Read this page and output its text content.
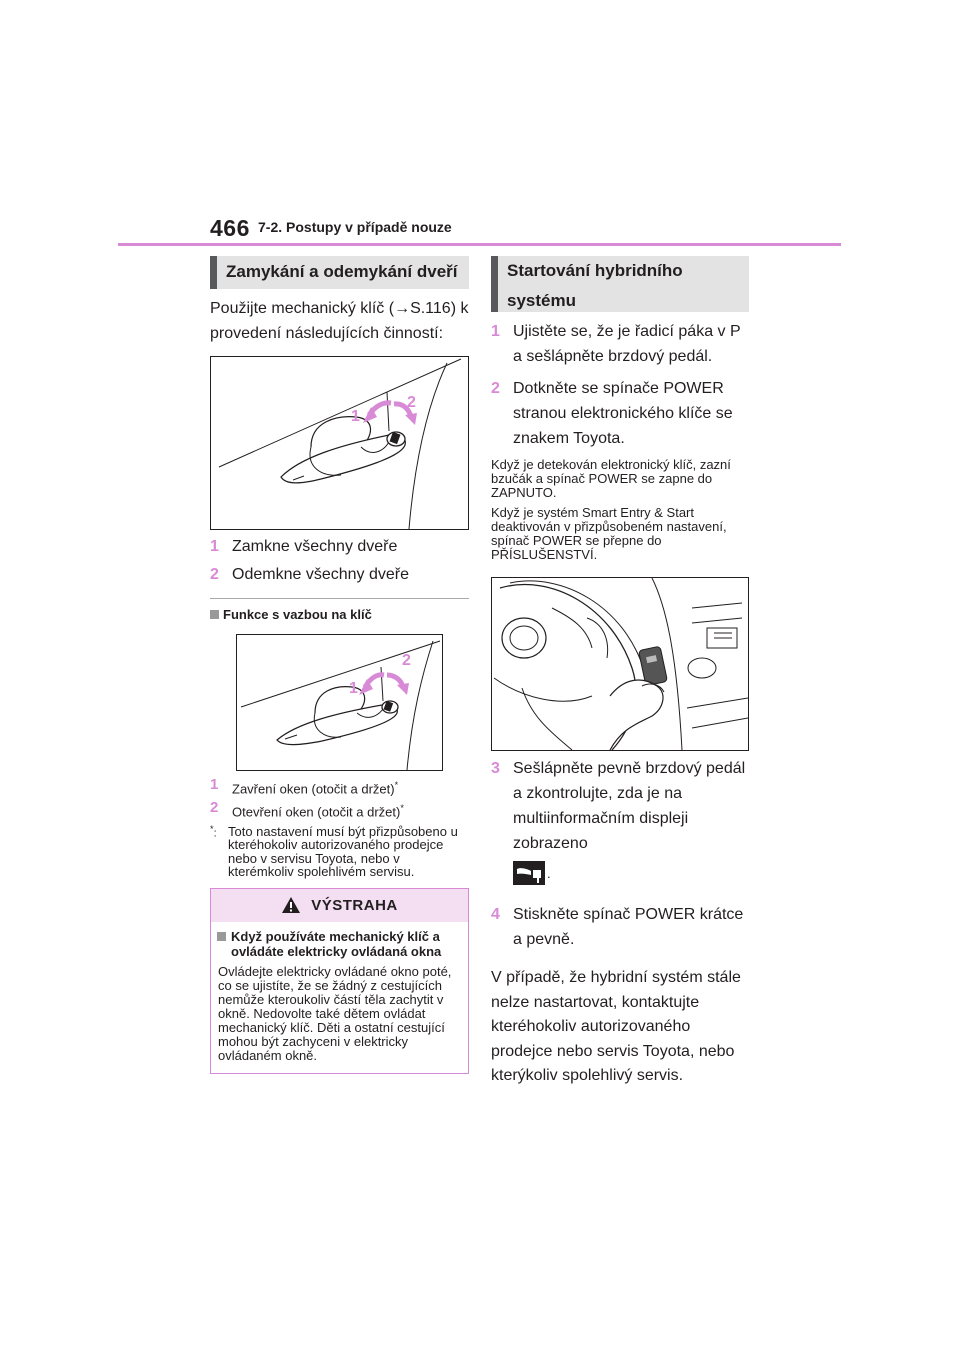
466 7-2. Postupy v případě nouze
Zamykání a odemykání dveří
Použijte mechanický klíč (→S.116) k provedení následujících činností:
1
2
1 Zamkne všechny dveře
2 Odemkne všechny dveře
Funkce s vazbou na klíč
1
2
1 Zavření oken (otočit a držet)*
2 Otevření oken (otočit a držet)*
*: Toto nastavení musí být přizpůsobeno u kteréhokoliv autorizovaného prodejce nebo v servisu Toyota, nebo v kterémkoliv spolehlivém servisu.
VÝSTRAHA
Když používáte mechanický klíč a ovládáte elektricky ovládaná okna
Ovládejte elektricky ovládané okno poté, co se ujistíte, že se žádný z cestujících nemůže kteroukoliv částí těla zachytit v okně. Nedovolte také dětem ovládat mechanický klíč. Děti a ostatní cestující mohou být zachyceni v elektricky ovládaném okně.
Startování hybridního systému
1 Ujistěte se, že je řadicí páka v P a sešlápněte brzdový pedál.
2 Dotkněte se spínače POWER stranou elektronického klíče se znakem Toyota.
Když je detekován elektronický klíč, zazní bzučák a spínač POWER se zapne do ZAPNUTO.
Když je systém Smart Entry & Start deaktivován v přizpůsobeném nastavení, spínač POWER se přepne do PŘÍSLUŠENSTVÍ.
3 Sešlápněte pevně brzdový pedál a zkontrolujte, zda je na multiinformačním displeji zobrazeno
.
4 Stiskněte spínač POWER krátce a pevně.
V případě, že hybridní systém stále nelze nastartovat, kontaktujte kteréhokoliv autorizovaného prodejce nebo servis Toyota, nebo kterýkoliv spolehlivý servis.
